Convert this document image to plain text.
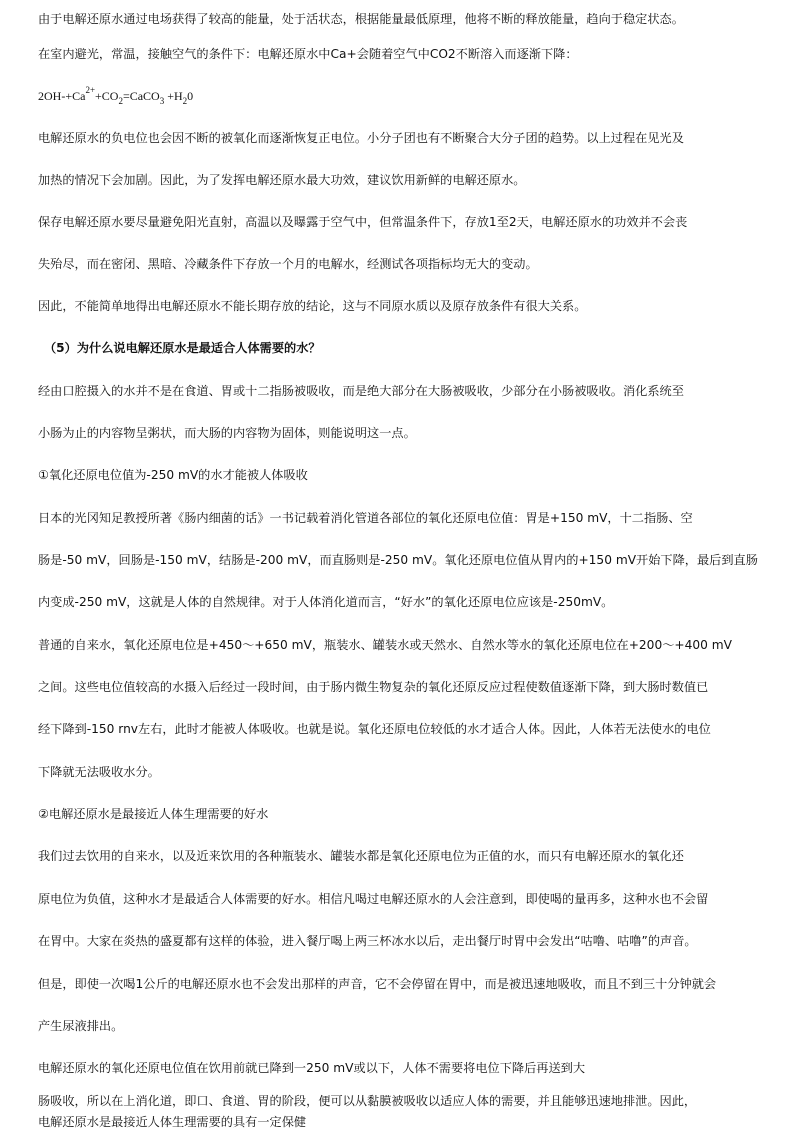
由于电解还原水通过电场获得了较高的能量，处于活状态，根据能量最低原理，他将不断的释放能量，趋向于稳定状态。
在室内避光，常温，接触空气的条件下：电解还原水中Ca+会随着空气中CO2不断溶入而逐渐下降：
$2OH-+Ca^{2+}+CO_2=CaCO_3 +H_20$
电解还原水的负电位也会因不断的被氧化而逐渐恢复正电位。小分子团也有不断聚合大分子团的趋势。以上过程在见光及
加热的情况下会加剧。因此，为了发挥电解还原水最大功效，建议饮用新鲜的电解还原水。
保存电解还原水要尽量避免阳光直射，高温以及曝露于空气中，但常温条件下，存放1至2天，电解还原水的功效并不会丧
失殆尽，而在密闭、黑暗、冷藏条件下存放一个月的电解水，经测试各项指标均无大的变动。
因此，不能简单地得出电解还原水不能长期存放的结论，这与不同原水质以及原存放条件有很大关系。
（5）为什么说电解还原水是最适合人体需要的水？
经由口腔摄入的水并不是在食道、胃或十二指肠被吸收，而是绝大部分在大肠被吸收，少部分在小肠被吸收。消化系统至
小肠为止的内容物呈粥状，而大肠的内容物为固体，则能说明这一点。
①氧化还原电位值为-250 mV的水才能被人体吸收
日本的光冈知足教授所著《肠内细菌的话》一书记载着消化管道各部位的氧化还原电位值：胃是+150 mV，十二指肠、空
肠是-50 mV，回肠是-150 mV，结肠是-200 mV，而直肠则是-250 mV。氧化还原电位值从胃内的+150 mV开始下降，最后到直肠
内变成-250 mV，这就是人体的自然规律。对于人体消化道而言，“好水”的氧化还原电位应该是-250mV。
普通的自来水，氧化还原电位是+450～+650 mV，瓶装水、罐装水或天然水、自然水等水的氧化还原电位在+200～+400 mV
之间。这些电位值较高的水摄入后经过一段时间，由于肠内微生物复杂的氧化还原反应过程使数值逐渐下降，到大肠时数值已
经下降到-150 rnv左右，此时才能被人体吸收。也就是说。氧化还原电位较低的水才适合人体。因此，人体若无法使水的电位
下降就无法吸收水分。
②电解还原水是最接近人体生理需要的好水
我们过去饮用的自来水，以及近来饮用的各种瓶装水、罐装水都是氧化还原电位为正值的水，而只有电解还原水的氧化还
原电位为负值，这种水才是最适合人体需要的好水。相信凡喝过电解还原水的人会注意到，即使喝的量再多，这种水也不会留
在胃中。大家在炎热的盛夏都有这样的体验，进入餐厅喝上两三杯冰水以后，走出餐厅时胃中会发出“咕噜、咕噜”的声音。
但是，即使一次喝1公斤的电解还原水也不会发出那样的声音，它不会停留在胃中，而是被迅速地吸收，而且不到三十分钟就会
产生尿液排出。
电解还原水的氧化还原电位值在饮用前就已降到一250 mV或以下，人体不需要将电位下降后再送到大
肠吸收，所以在上消化道，即口、食道、胃的阶段，便可以从黏膜被吸收以适应人体的需要，并且能够迅速地排泄。因此，
电解还原水是最接近人体生理需要的具有一定保健
